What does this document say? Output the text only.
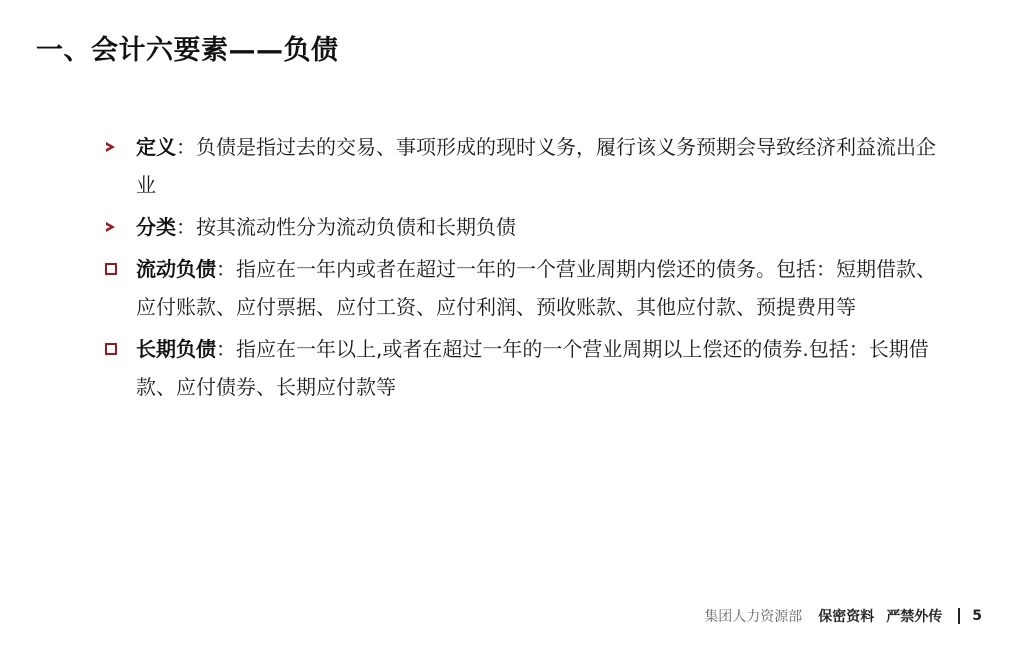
一、会计六要素——负债
定义：负债是指过去的交易、事项形成的现时义务，履行该义务预期会导致经济利益流出企业
分类：按其流动性分为流动负债和长期负债
流动负债：指应在一年内或者在超过一年的一个营业周期内偿还的债务。包括：短期借款、应付账款、应付票据、应付工资、应付利润、预收账款、其他应付款、预提费用等
长期负债：指应在一年以上,或者在超过一年的一个营业周期以上偿还的债券.包括：长期借款、应付债券、长期应付款等
集团人力资源部 保密资料 严禁外传 5
